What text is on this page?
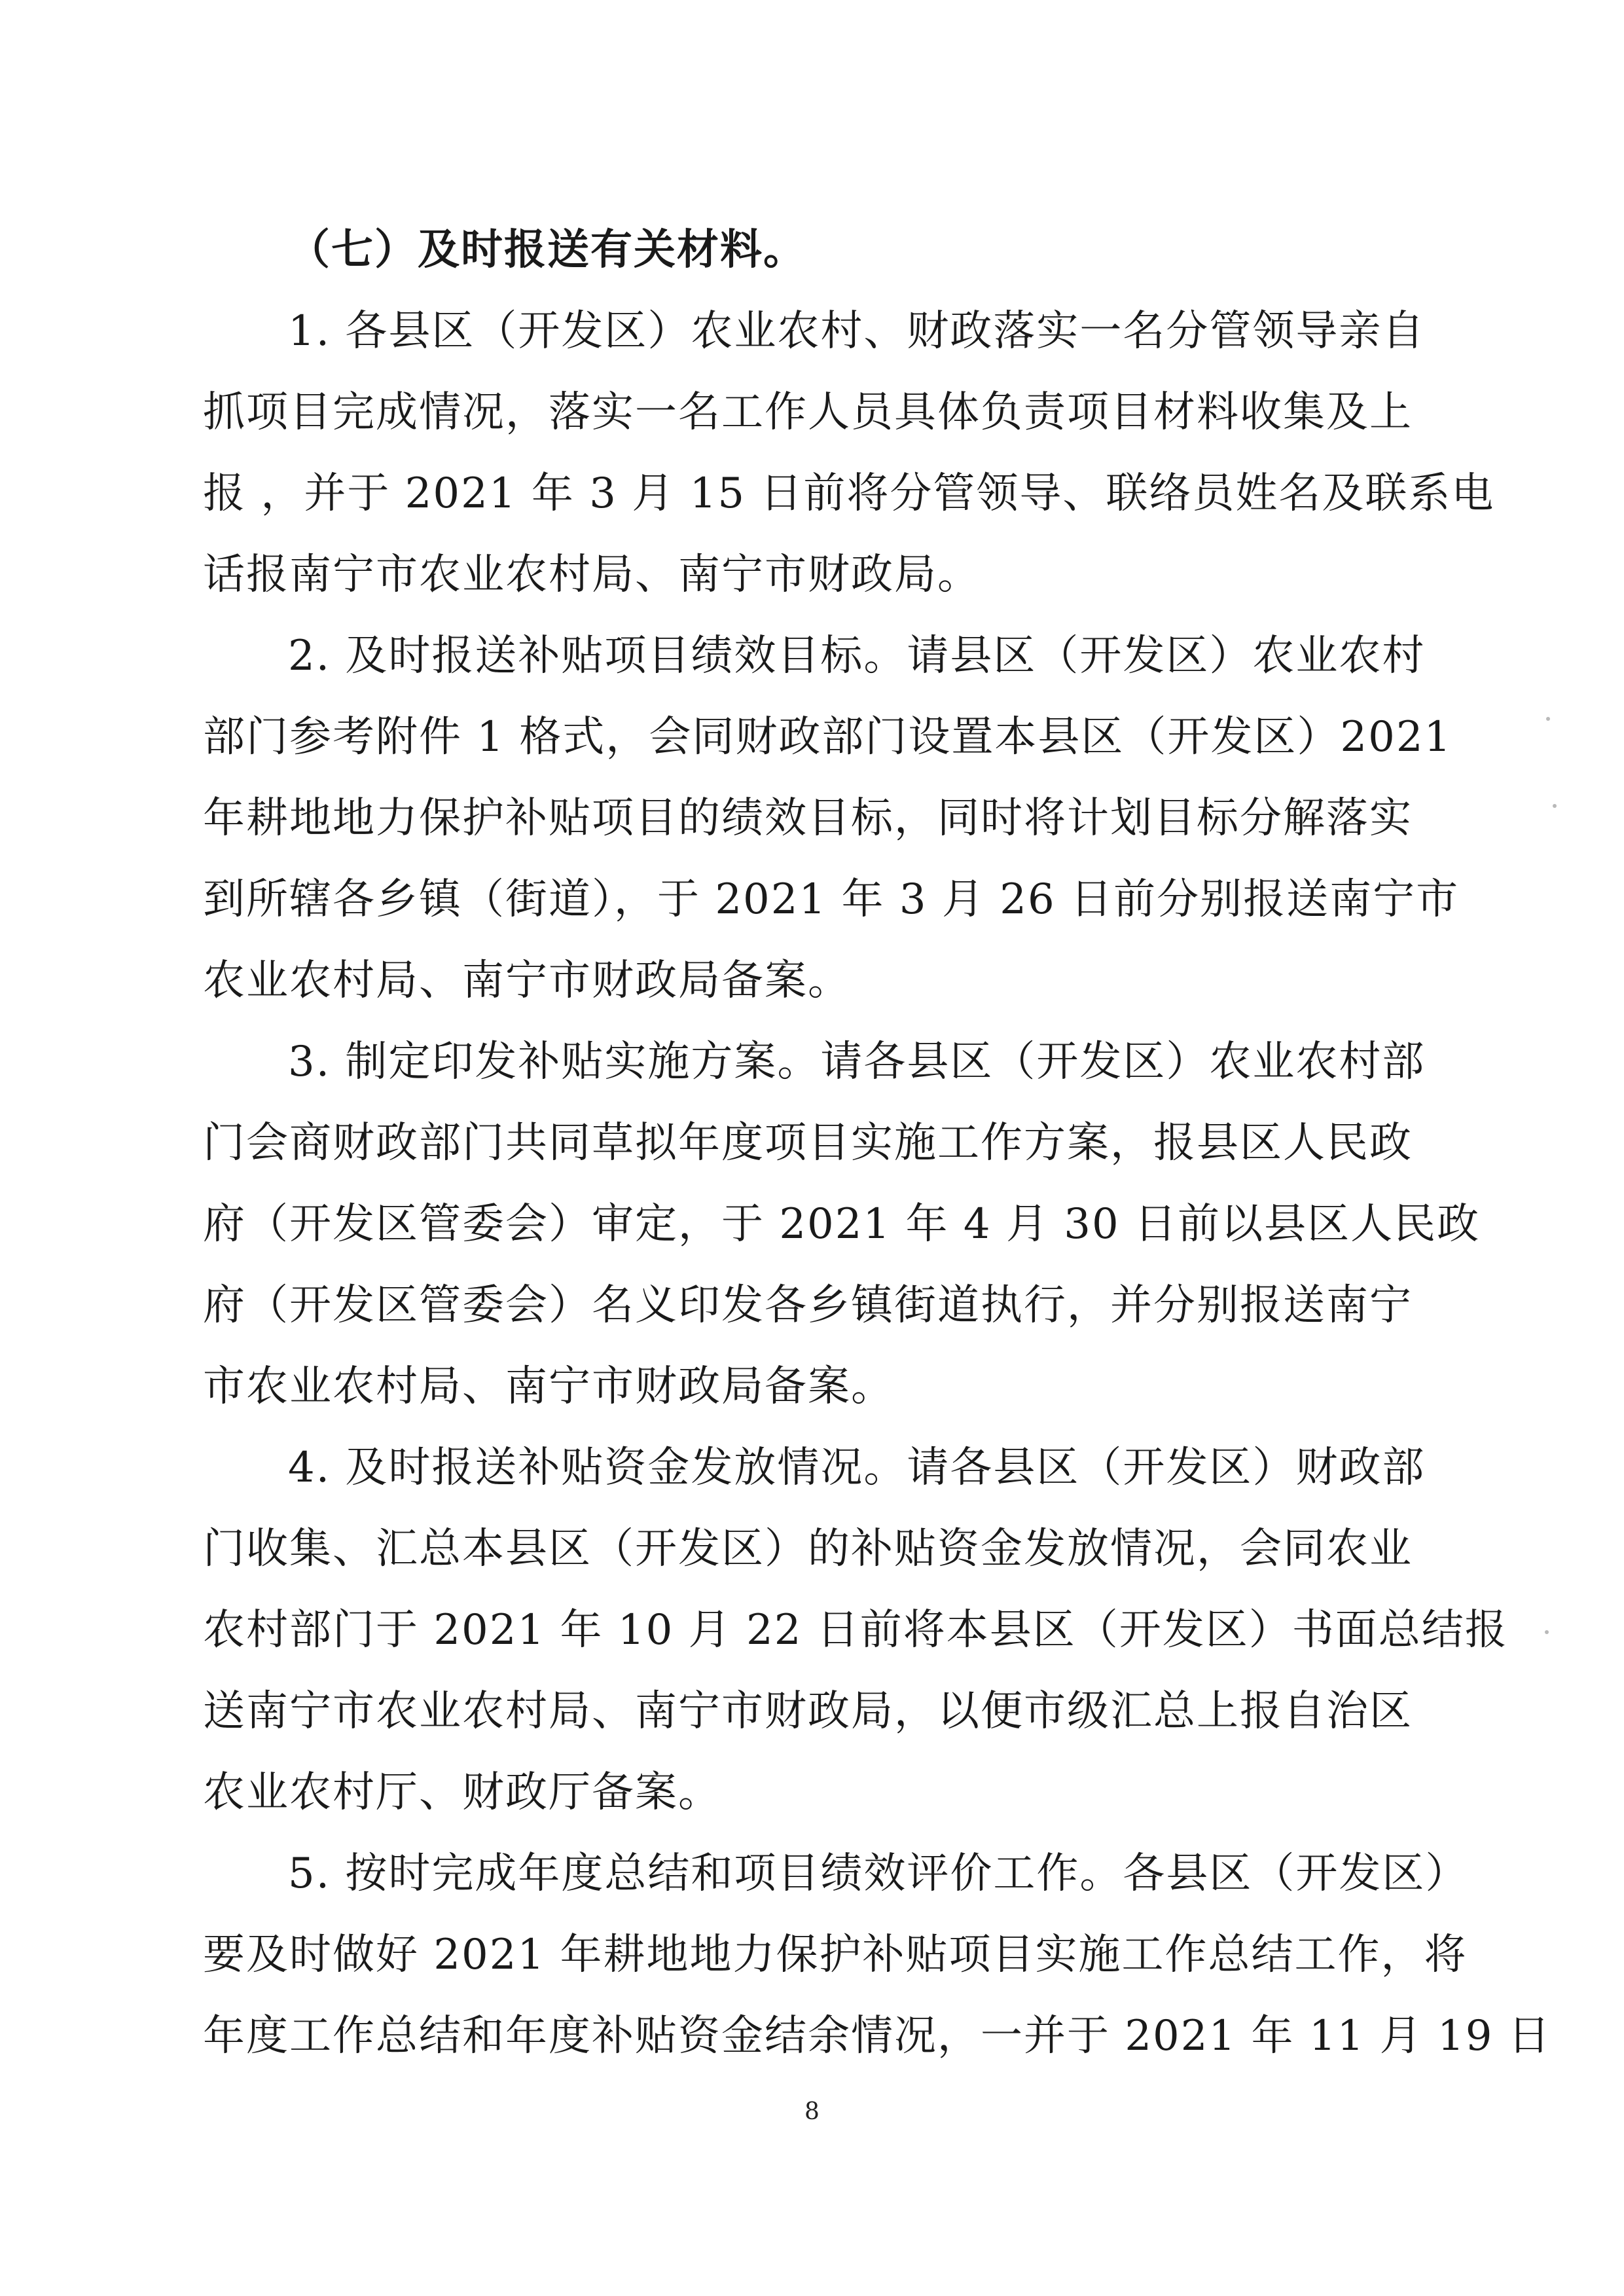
（七）及时报送有关材料。
1. 各县区（开发区）农业农村、财政落实一名分管领导亲自
抓项目完成情况，落实一名工作人员具体负责项目材料收集及上
报 ，并于 2021 年 3 月 15 日前将分管领导、联络员姓名及联系电
话报南宁市农业农村局、南宁市财政局。
2. 及时报送补贴项目绩效目标。请县区（开发区）农业农村
部门参考附件 1 格式，会同财政部门设置本县区（开发区）2021
年耕地地力保护补贴项目的绩效目标，同时将计划目标分解落实
到所辖各乡镇（街道），于 2021 年 3 月 26 日前分别报送南宁市
农业农村局、南宁市财政局备案。
3. 制定印发补贴实施方案。请各县区（开发区）农业农村部
门会商财政部门共同草拟年度项目实施工作方案，报县区人民政
府（开发区管委会）审定，于 2021 年 4 月 30 日前以县区人民政
府（开发区管委会）名义印发各乡镇街道执行，并分别报送南宁
市农业农村局、南宁市财政局备案。
4. 及时报送补贴资金发放情况。请各县区（开发区）财政部
门收集、汇总本县区（开发区）的补贴资金发放情况，会同农业
农村部门于 2021 年 10 月 22 日前将本县区（开发区）书面总结报
送南宁市农业农村局、南宁市财政局，以便市级汇总上报自治区
农业农村厅、财政厅备案。
5. 按时完成年度总结和项目绩效评价工作。各县区（开发区）
要及时做好 2021 年耕地地力保护补贴项目实施工作总结工作，将
年度工作总结和年度补贴资金结余情况，一并于 2021 年 11 月 19 日
8
